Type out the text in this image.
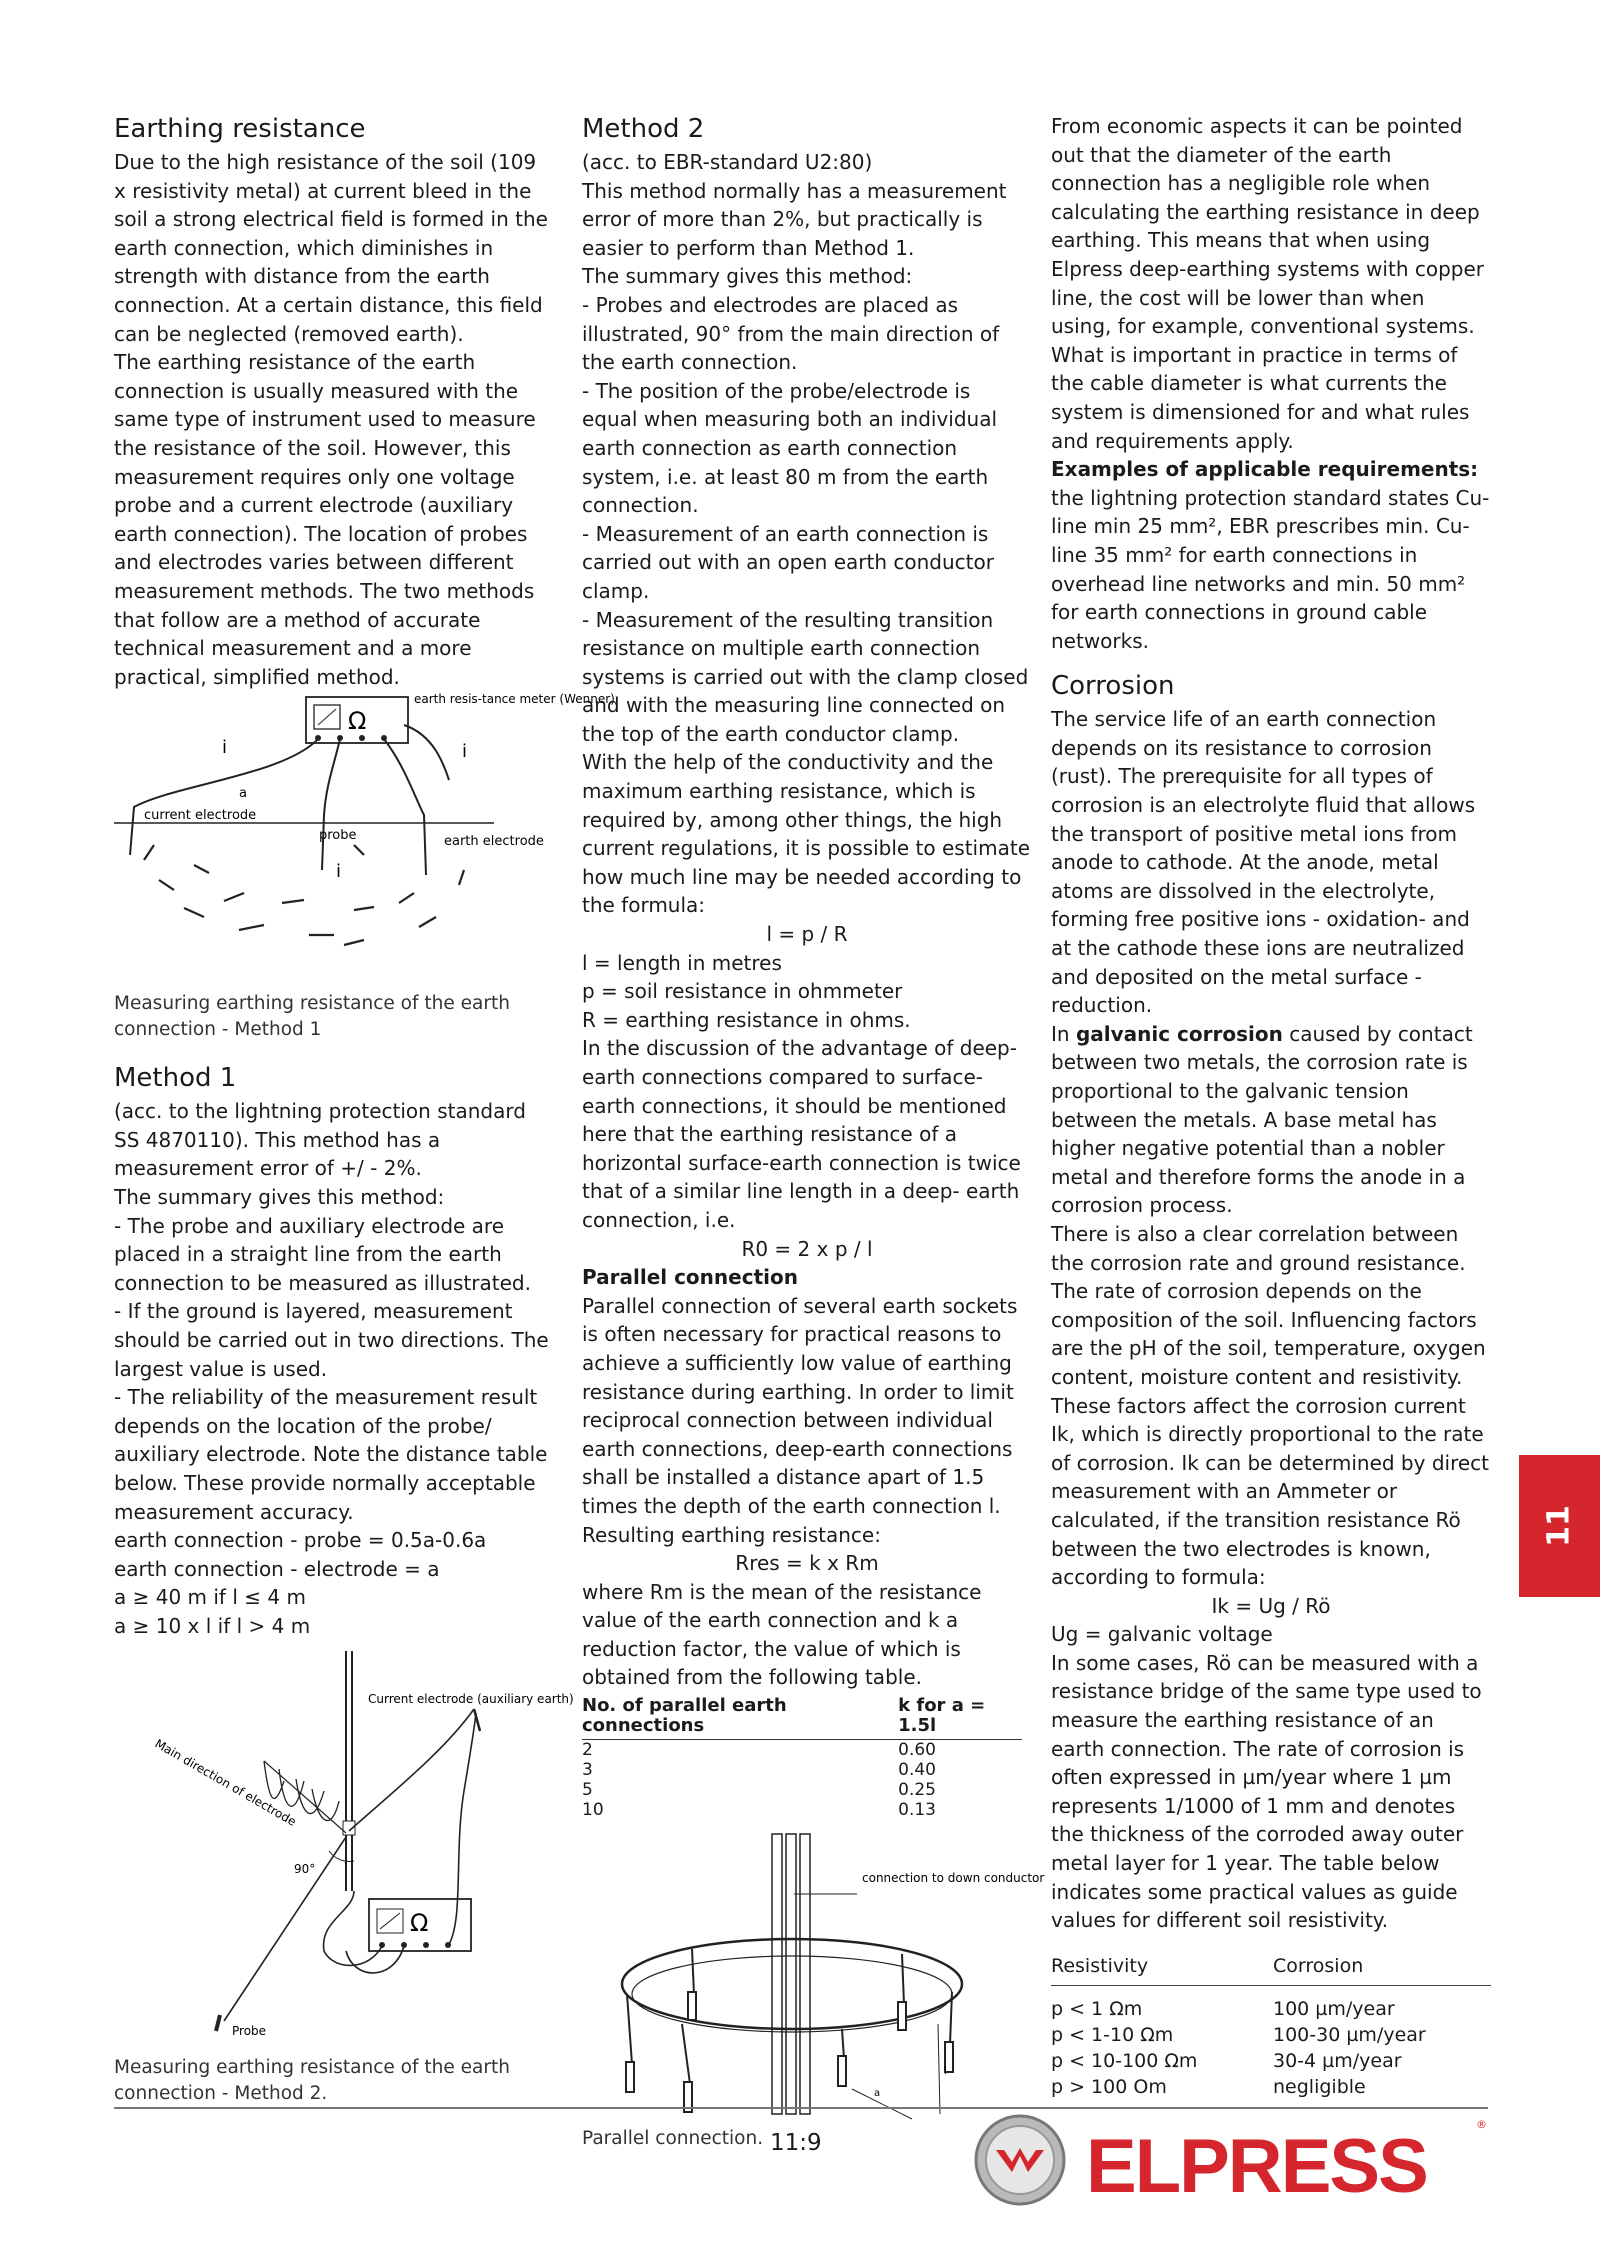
Earthing resistance

Due to the high resistance of the soil (109 x resistivity metal) at current bleed in the soil a strong electrical field is formed in the earth connection, which diminishes in strength with distance from the earth connection. At a certain distance, this field can be neglected (removed earth).

The earthing resistance of the earth connection is usually measured with the same type of instrument used to measure the resistance of the soil. However, this measurement requires only one voltage probe and a current electrode (auxiliary earth connection). The location of probes and electrodes varies between different measurement methods. The two methods that follow are a method of accurate technical measurement and a more practical, simplified method.

Ω
earth resis-tance meter (Wenner)
i	i
a
current electrode
probe	earth electrode
i

Measuring earthing resistance of the earth connection - Method 1

Method 1

(acc. to the lightning protection standard SS 4870110). This method has a measurement error of +/ - 2%.

The summary gives this method:

- The probe and auxiliary electrode are placed in a straight line from the earth connection to be measured as illustrated.

- If the ground is layered, measurement should be carried out in two directions. The largest value is used.

- The reliability of the measurement result depends on the location of the probe/ auxiliary electrode. Note the distance table below. These provide normally acceptable measurement accuracy.

earth connection - probe = 0.5a-0.6a

earth connection - electrode = a

a ≥ 40 m if l ≤ 4 m

a ≥ 10 x l if l > 4 m

Current electrode (auxiliary earth)
Main direction of electrode
90°
Probe
Ω

Measuring earthing resistance of the earth connection - Method 2.

Method 2

(acc. to EBR-standard U2:80)

This method normally has a measurement error of more than 2%, but practically is easier to perform than Method 1.

The summary gives this method:

- Probes and electrodes are placed as illustrated, 90° from the main direction of the earth connection.

- The position of the probe/electrode is equal when measuring both an individual earth connection as earth connection system, i.e. at least 80 m from the earth connection.

- Measurement of an earth connection is carried out with an open earth conductor clamp.

- Measurement of the resulting transition resistance on multiple earth connection systems is carried out with the clamp closed and with the measuring line connected on the top of the earth conductor clamp.

With the help of the conductivity and the maximum earthing resistance, which is required by, among other things, the high current regulations, it is possible to estimate how much line may be needed according to the formula:

l = p / R

l = length in metres

p = soil resistance in ohmmeter

R = earthing resistance in ohms.

In the discussion of the advantage of deep-earth connections compared to surface-earth connections, it should be mentioned here that the earthing resistance of a horizontal surface-earth connection is twice that of a similar line length in a deep- earth connection, i.e.

R0 = 2 x p / l

Parallel connection

Parallel connection of several earth sockets is often necessary for practical reasons to achieve a sufficiently low value of earthing resistance during earthing. In order to limit reciprocal connection between individual earth connections, deep-earth connections shall be installed a distance apart of 1.5 times the depth of the earth connection l. Resulting earthing resistance:

Rres = k x Rm

where Rm is the mean of the resistance value of the earth connection and k a reduction factor, the value of which is obtained from the following table.

No. of parallel earth connections	k for a = 1.5l
2	0.60
3	0.40
5	0.25
10	0.13
connection to down conductor
l
a

Parallel connection.

From economic aspects it can be pointed out that the diameter of the earth connection has a negligible role when calculating the earthing resistance in deep earthing. This means that when using Elpress deep-earthing systems with copper line, the cost will be lower than when using, for example, conventional systems. What is important in practice in terms of the cable diameter is what currents the system is dimensioned for and what rules and requirements apply.

Examples of applicable requirements:

the lightning protection standard states Cu-line min 25 mm², EBR prescribes min. Cu-line 35 mm² for earth connections in overhead line networks and min. 50 mm² for earth connections in ground cable networks.

Corrosion

The service life of an earth connection depends on its resistance to corrosion (rust). The prerequisite for all types of corrosion is an electrolyte fluid that allows the transport of positive metal ions from anode to cathode. At the anode, metal atoms are dissolved in the electrolyte, forming free positive ions - oxidation- and at the cathode these ions are neutralized and deposited on the metal surface - reduction.

In galvanic corrosion caused by contact between two metals, the corrosion rate is proportional to the galvanic tension between the metals. A base metal has higher negative potential than a nobler metal and therefore forms the anode in a corrosion process.

There is also a clear correlation between the corrosion rate and ground resistance. The rate of corrosion depends on the composition of the soil. Influencing factors are the pH of the soil, temperature, oxygen content, moisture content and resistivity. These factors affect the corrosion current Ik, which is directly proportional to the rate of corrosion. Ik can be determined by direct measurement with an Ammeter or calculated, if the transition resistance Rö between the two electrodes is known, according to formula:

Ik = Ug / Rö

Ug = galvanic voltage

In some cases, Rö can be measured with a resistance bridge of the same type used to measure the earthing resistance of an earth connection. The rate of corrosion is often expressed in µm/year where 1 µm represents 1/1000 of 1 mm and denotes the thickness of the corroded away outer metal layer for 1 year. The table below indicates some practical values as guide values for different soil resistivity.

Resistivity	Corrosion
p < 1 Ωm	100 µm/year
p < 1-10 Ωm	100-30 µm/year
p < 10-100 Ωm	30-4 µm/year
p > 100 Om	negligible
11
11:9	ELPRESS	®
